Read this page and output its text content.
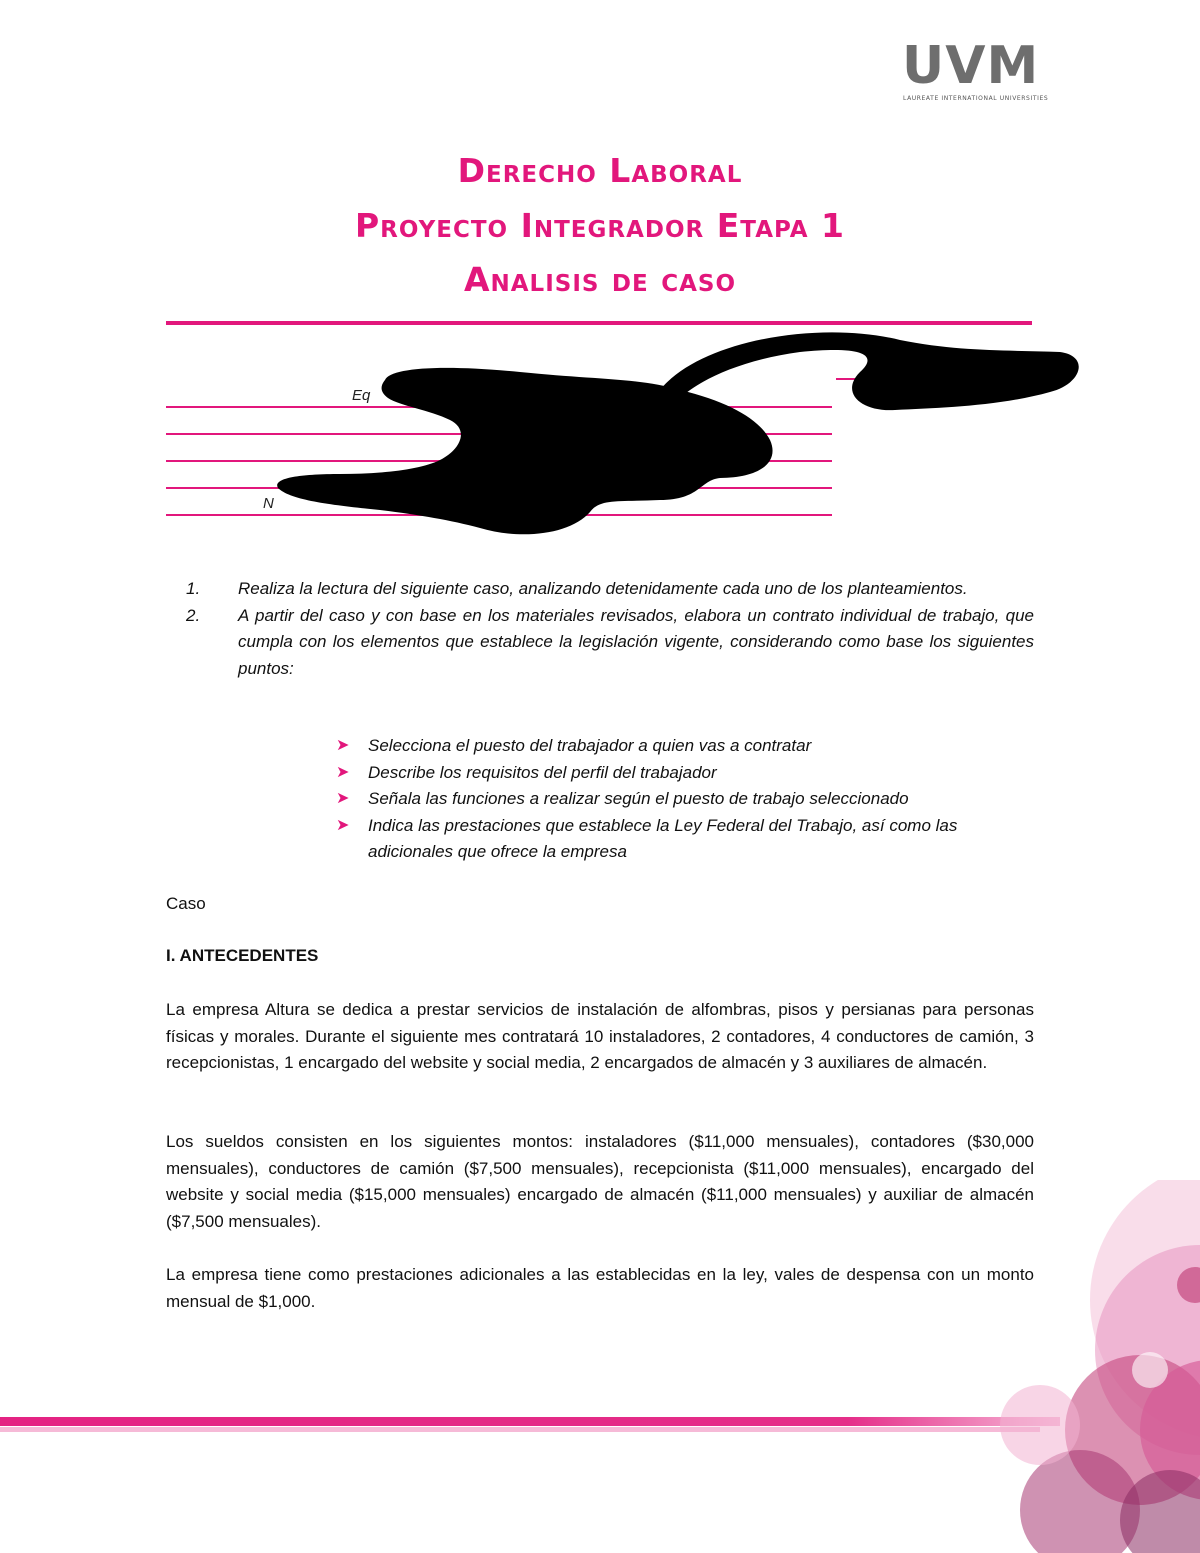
UVM
LAUREATE INTERNATIONAL UNIVERSITIES
Derecho Laboral
Proyecto Integrador Etapa 1
Analisis de caso
Eq
N
1.	Realiza la lectura del siguiente caso, analizando detenidamente cada uno de los planteamientos.
2.	A partir del caso y con base en los materiales revisados, elabora un contrato individual de trabajo, que cumpla con los elementos que establece la legislación vigente, considerando como base los siguientes puntos:
➤ Selecciona el puesto del trabajador a quien vas a contratar
➤ Describe los requisitos del perfil del trabajador
➤ Señala las funciones a realizar según el puesto de trabajo seleccionado
➤ Indica las prestaciones que establece la Ley Federal del Trabajo, así como las adicionales que ofrece la empresa
Caso
I. ANTECEDENTES
La empresa Altura se dedica a prestar servicios de instalación de alfombras, pisos y persianas para personas físicas y morales. Durante el siguiente mes contratará 10 instaladores, 2 contadores, 4 conductores de camión, 3 recepcionistas, 1 encargado del website y social media, 2 encargados de almacén y 3 auxiliares de almacén.
Los sueldos consisten en los siguientes montos: instaladores ($11,000 mensuales), contadores ($30,000 mensuales), conductores de camión ($7,500 mensuales), recepcionista ($11,000 mensuales), encargado del website y social media ($15,000 mensuales) encargado de almacén ($11,000 mensuales) y auxiliar de almacén ($7,500 mensuales).
La empresa tiene como prestaciones adicionales a las establecidas en la ley, vales de despensa con un monto mensual de $1,000.
